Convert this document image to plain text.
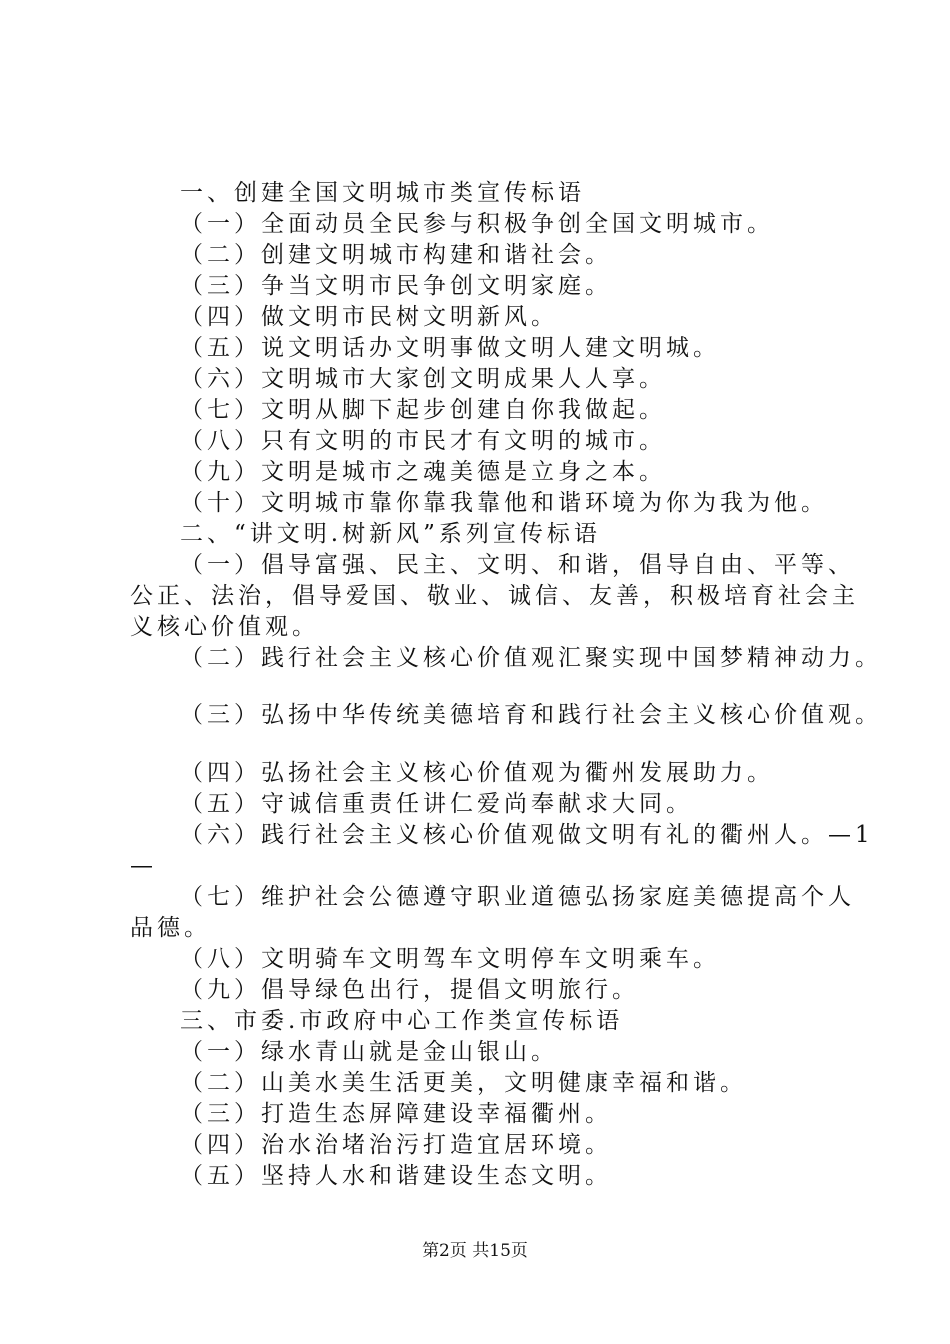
一、创建全国文明城市类宣传标语
（一）全面动员全民参与积极争创全国文明城市。
（二）创建文明城市构建和谐社会。
（三）争当文明市民争创文明家庭。
（四）做文明市民树文明新风。
（五）说文明话办文明事做文明人建文明城。
（六）文明城市大家创文明成果人人享。
（七）文明从脚下起步创建自你我做起。
（八）只有文明的市民才有文明的城市。
（九）文明是城市之魂美德是立身之本。
（十）文明城市靠你靠我靠他和谐环境为你为我为他。
二、“讲文明.树新风”系列宣传标语
（一）倡导富强、民主、文明、和谐，倡导自由、平等、
公正、法治，倡导爱国、敬业、诚信、友善，积极培育社会主
义核心价值观。
（二）践行社会主义核心价值观汇聚实现中国梦精神动力。
（三）弘扬中华传统美德培育和践行社会主义核心价值观。
（四）弘扬社会主义核心价值观为衢州发展助力。
（五）守诚信重责任讲仁爱尚奉献求大同。
（六）践行社会主义核心价值观做文明有礼的衢州人。—1
—
（七）维护社会公德遵守职业道德弘扬家庭美德提高个人
品德。
（八）文明骑车文明驾车文明停车文明乘车。
（九）倡导绿色出行，提倡文明旅行。
三、市委.市政府中心工作类宣传标语
（一）绿水青山就是金山银山。
（二）山美水美生活更美，文明健康幸福和谐。
（三）打造生态屏障建设幸福衢州。
（四）治水治堵治污打造宜居环境。
（五）坚持人水和谐建设生态文明。
第2页 共15页
